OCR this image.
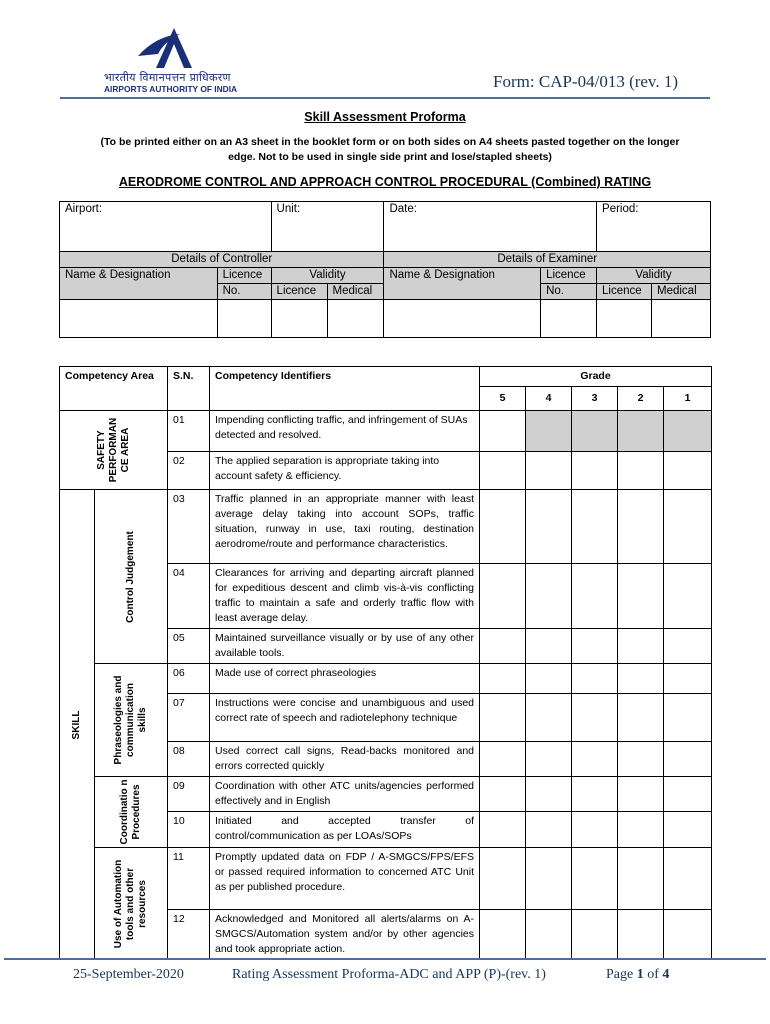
भारतीय विमानपत्तन प्राधिकरण
AIRPORTS AUTHORITY OF INDIA	Form: CAP-04/013 (rev. 1)
Skill Assessment Proforma
(To be printed either on an A3 sheet in the booklet form or on both sides on A4 sheets pasted together on the longer edge. Not to be used in single side print and lose/stapled sheets)
AERODROME CONTROL AND APPROACH CONTROL PROCEDURAL (Combined) RATING
Airport:		Unit:		Date:		Period:	
Details of Controller				Details of Examiner			
Name & Designation	Licence	Validity		Name & Designation	Licence	Validity	
	No.	Licence	Medical		No.	Licence	Medical

Competency Area		S.N.	Competency Identifiers	Grade				
				5	4	3	2	1

SAFETY PERFORMAN CE AREA		01	Impending conflicting traffic, and infringement of SUAs detected and resolved.					
		02	The applied separation is appropriate taking into account safety & efficiency.					

SKILL	Control Judgement	03	Traffic planned in an appropriate manner with least average delay taking into account SOPs, traffic situation, runway in use, taxi routing, destination aerodrome/route and performance characteristics.					
		04	Clearances for arriving and departing aircraft planned for expeditious descent and climb vis-à-vis conflicting traffic to maintain a safe and orderly traffic flow with least average delay.					
		05	Maintained surveillance visually or by use of any other available tools.					

	Phraseologies and communication skills	06	Made use of correct phraseologies					
		07	Instructions were concise and unambiguous and used correct rate of speech and radiotelephony technique					
		08	Used correct call signs, Read-backs monitored and errors corrected quickly					

	Coordinatio n Procedures	09	Coordination with other ATC units/agencies performed effectively and in English					
		10	Initiated and accepted transfer of control/communication as per LOAs/SOPs					

	Use of Automation tools and other resources	11	Promptly updated data on FDP / A-SMGCS/FPS/EFS or passed required information to concerned ATC Unit as per published procedure.					
		12	Acknowledged and Monitored all alerts/alarms on A-SMGCS/Automation system and/or by other agencies and took appropriate action.					
25-September-2020	Rating Assessment Proforma-ADC and APP (P)-(rev. 1)	Page 1 of 4
